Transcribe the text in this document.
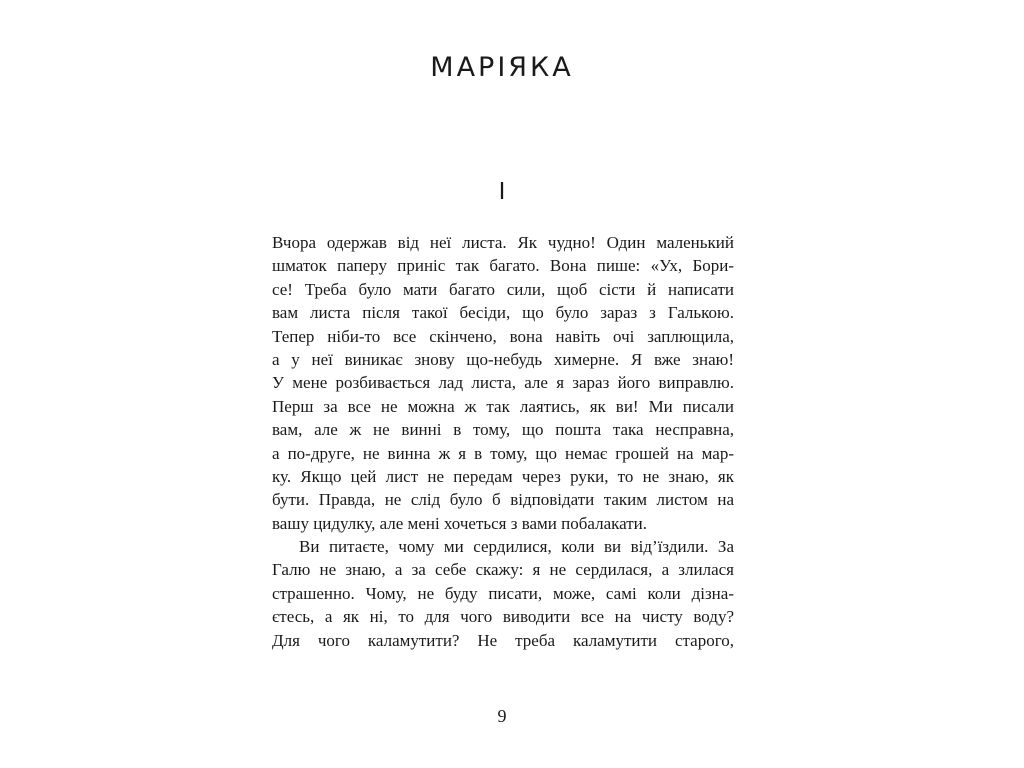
МАРІЯКА
I
Вчора одержав від неї листа. Як чудно! Один маленький
шматок паперу приніс так багато. Вона пише: «Ух, Бори-
се! Треба було мати багато сили, щоб сісти й написати
вам листа після такої бесіди, що було зараз з Галькою.
Тепер ніби-то все скінчено, вона навіть очі заплющила,
а у неї виникає знову що-небудь химерне. Я вже знаю!
У мене розбивається лад листа, але я зараз його виправлю.
Перш за все не можна ж так лаятись, як ви! Ми писали
вам, але ж не винні в тому, що пошта така несправна,
а по-друге, не винна ж я в тому, що немає грошей на мар-
ку. Якщо цей лист не передам через руки, то не знаю, як
бути. Правда, не слід було б відповідати таким листом на
вашу цидулку, але мені хочеться з вами побалакати.
Ви питаєте, чому ми сердилися, коли ви від’їздили. За
Галю не знаю, а за себе скажу: я не сердилася, а злилася
страшенно. Чому, не буду писати, може, самі коли дізна-
єтесь, а як ні, то для чого виводити все на чисту воду?
Для чого каламутити? Не треба каламутити старого,
9
